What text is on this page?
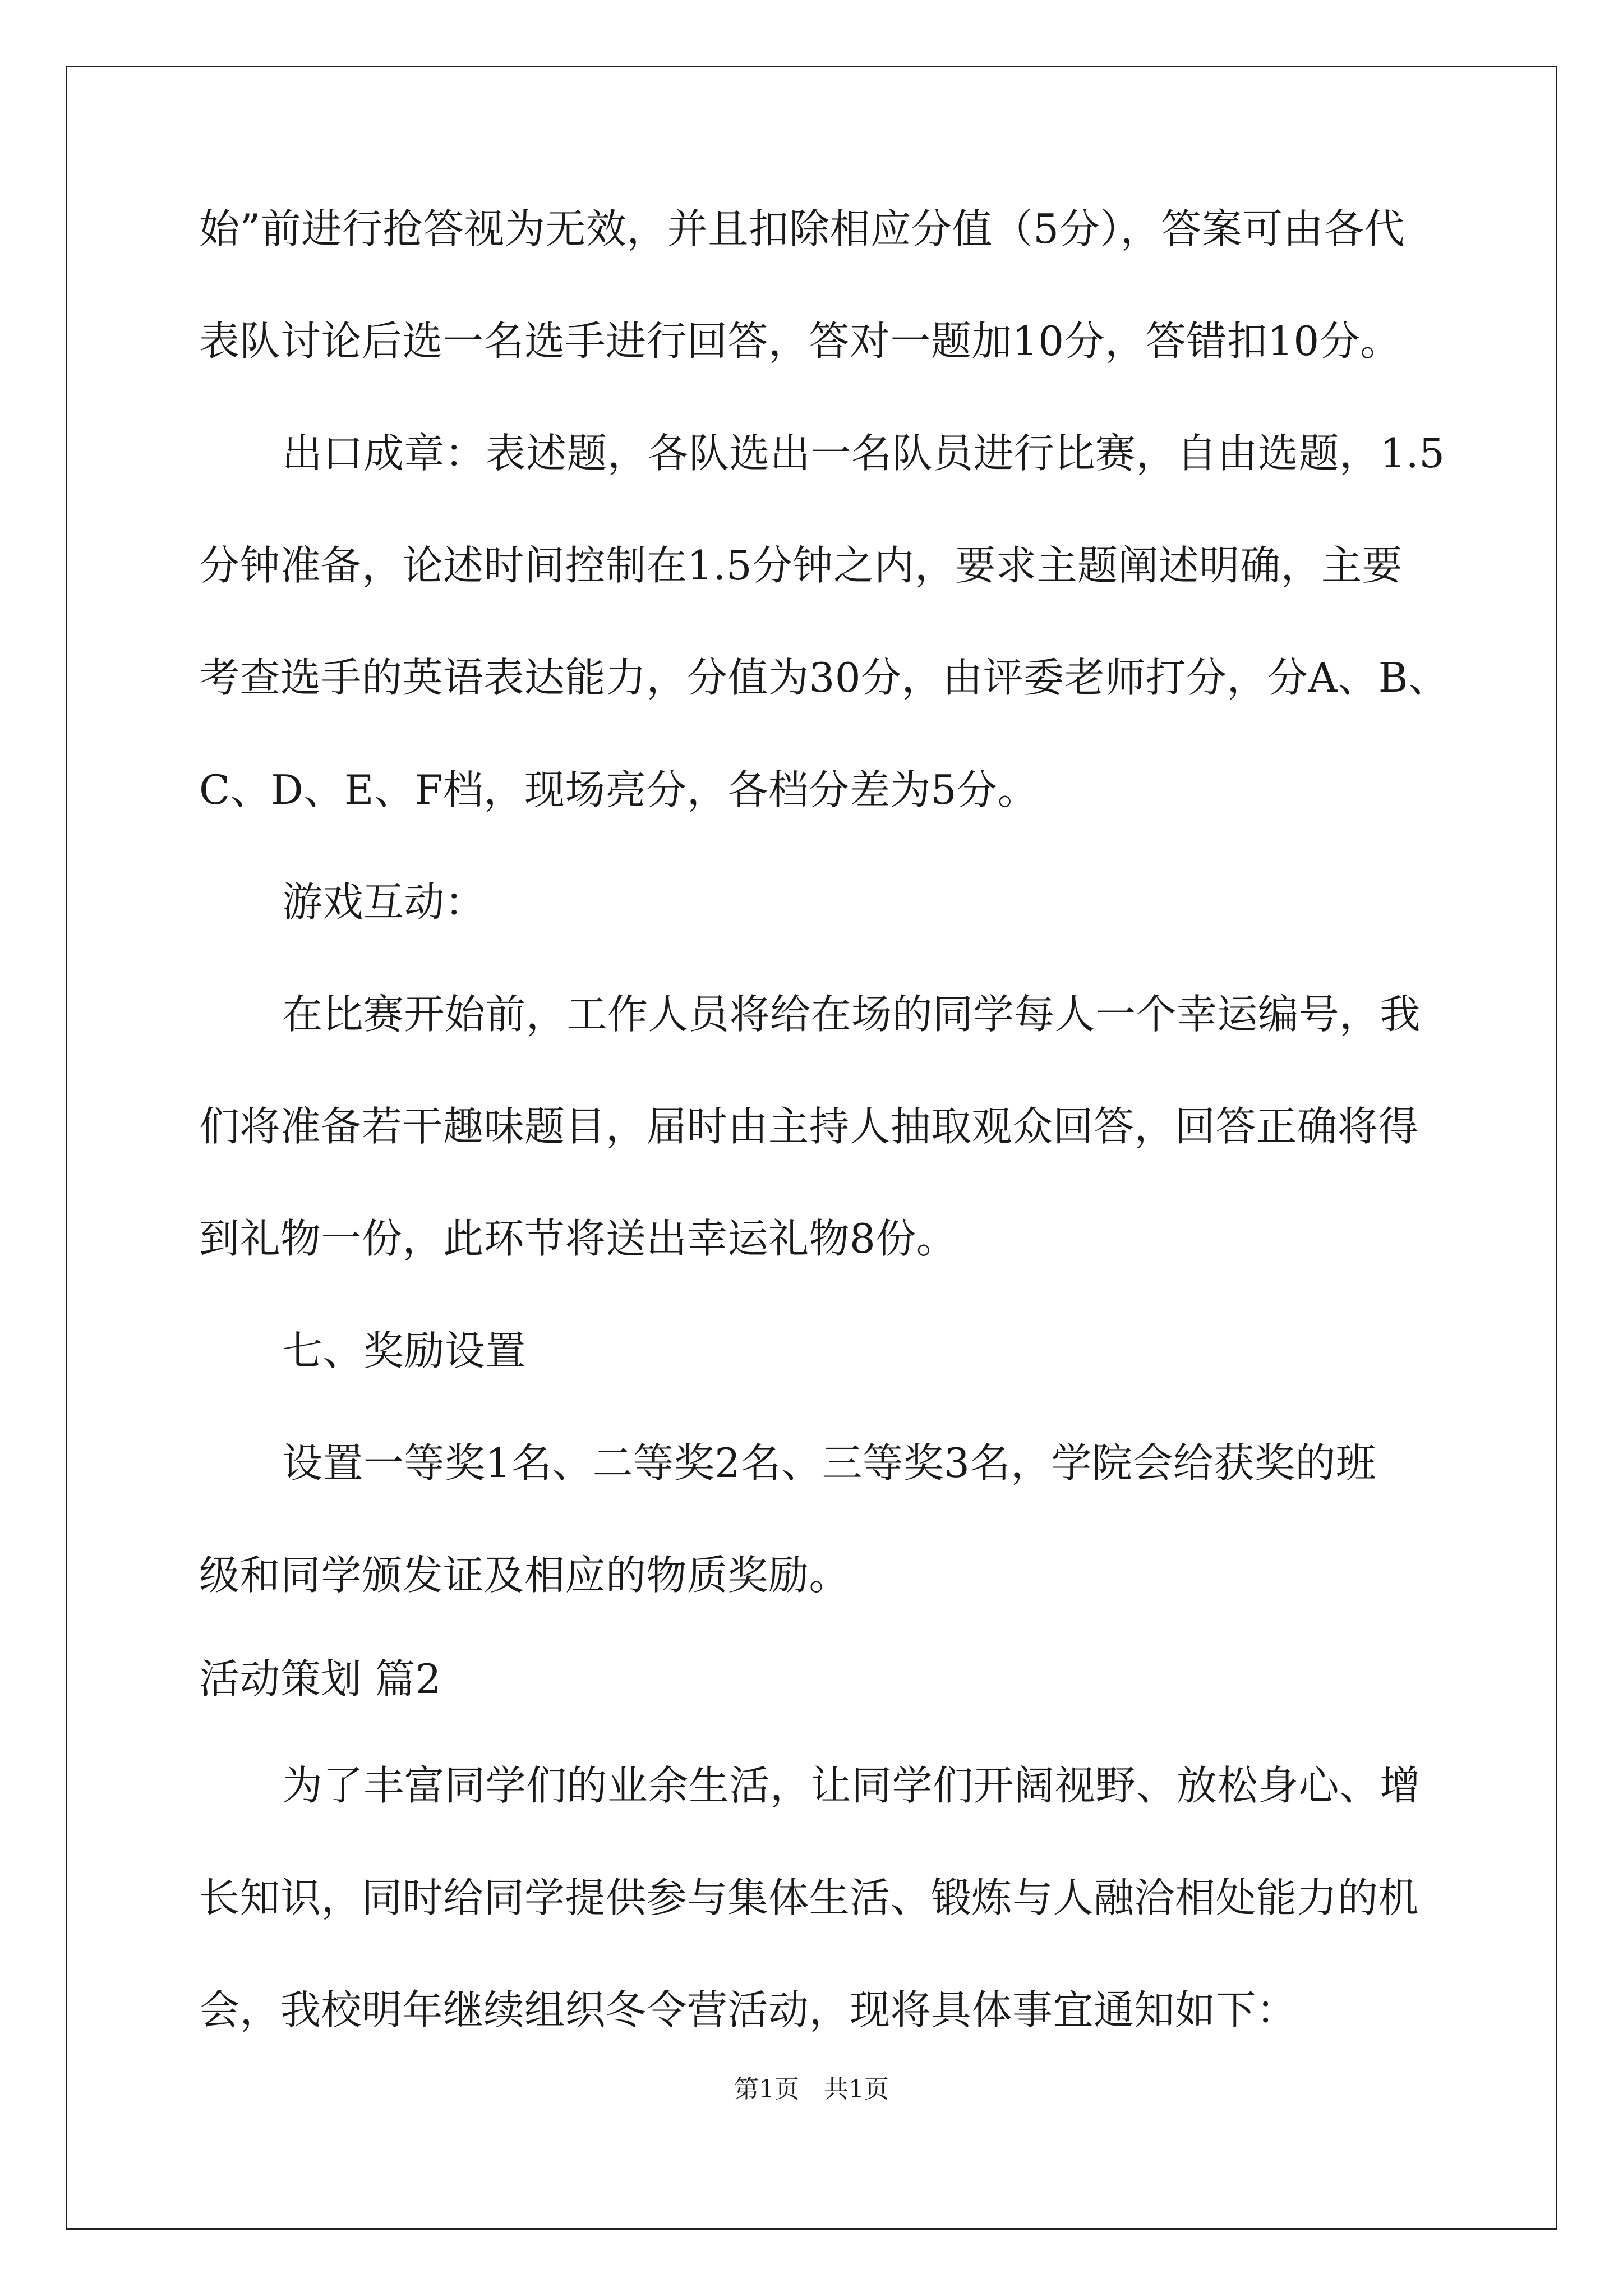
始”前进行抢答视为无效，并且扣除相应分值（5分），答案可由各代
表队讨论后选一名选手进行回答，答对一题加10分，答错扣10分。
出口成章：表述题，各队选出一名队员进行比赛，自由选题，1.5
分钟准备，论述时间控制在1.5分钟之内，要求主题阐述明确，主要
考查选手的英语表达能力，分值为30分，由评委老师打分，分A、B、
C、D、E、F档，现场亮分，各档分差为5分。
游戏互动：
在比赛开始前，工作人员将给在场的同学每人一个幸运编号，我
们将准备若干趣味题目，届时由主持人抽取观众回答，回答正确将得
到礼物一份，此环节将送出幸运礼物8份。
七、奖励设置
设置一等奖1名、二等奖2名、三等奖3名，学院会给获奖的班
级和同学颁发证及相应的物质奖励。
活动策划 篇2
为了丰富同学们的业余生活，让同学们开阔视野、放松身心、增
长知识，同时给同学提供参与集体生活、锻炼与人融洽相处能力的机
会，我校明年继续组织冬令营活动，现将具体事宜通知如下：
第1页　共1页
